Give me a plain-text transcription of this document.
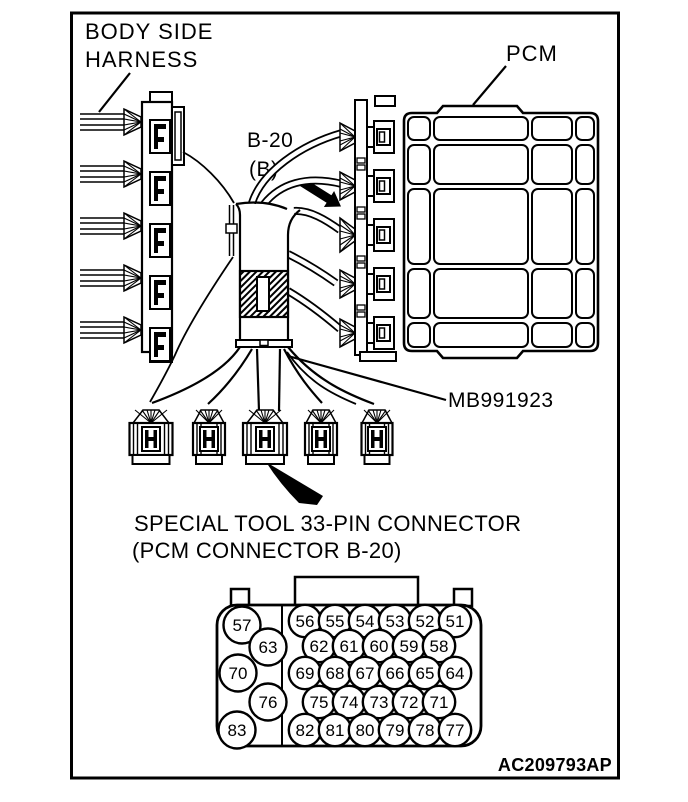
BODY SIDE
HARNESS	PCM
B-20
(B)
MB991923
SPECIAL TOOL 33-PIN CONNECTOR
(PCM CONNECTOR B-20)
AC209793AP
57
63
70
76
83
56 55 54 53 52 51
62 61 60 59 58
69 68 67 66 65 64
75 74 73 72 71
82 81 80 79 78 77
